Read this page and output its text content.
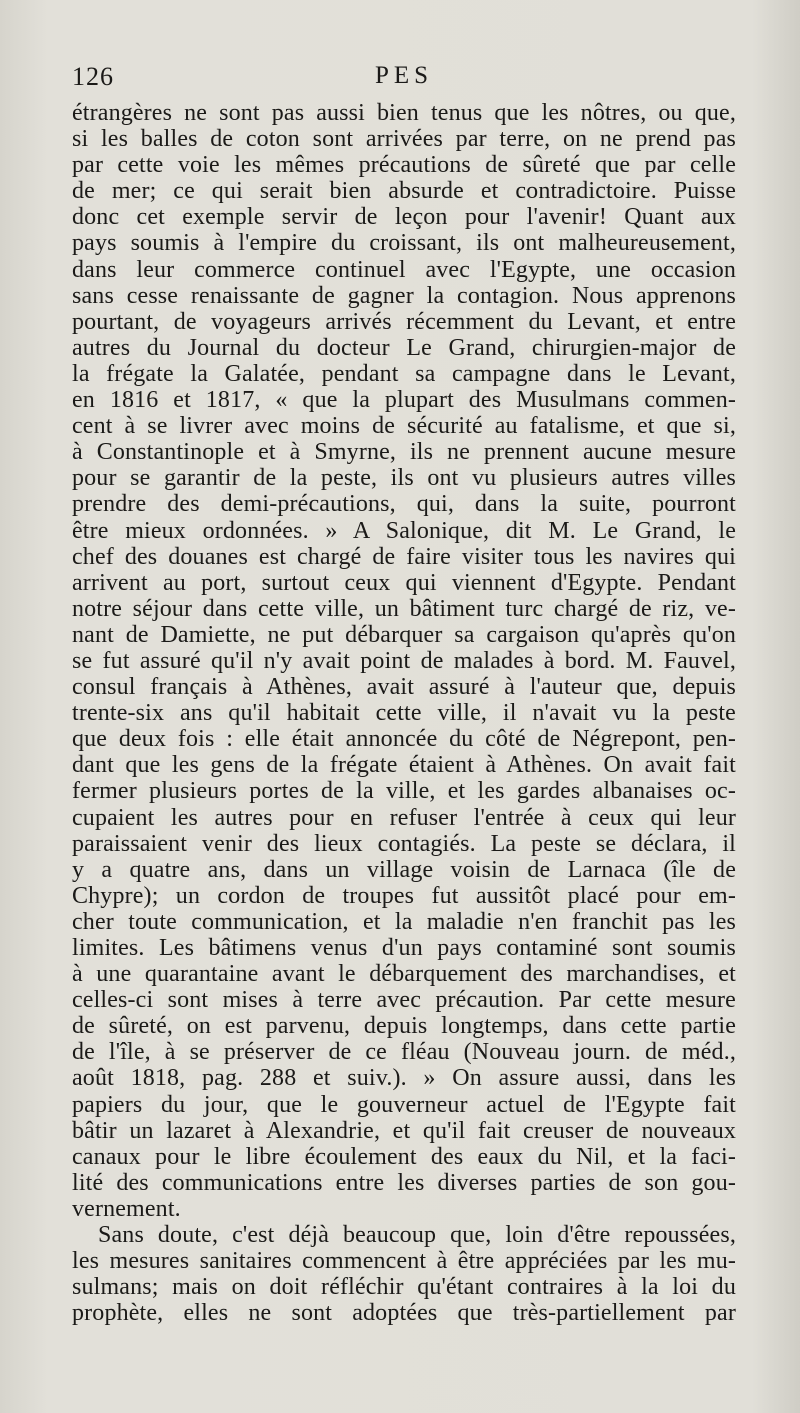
126	PES
étrangères ne sont pas aussi bien tenus que les nôtres, ou que,
si les balles de coton sont arrivées par terre, on ne prend pas
par cette voie les mêmes précautions de sûreté que par celle
de mer; ce qui serait bien absurde et contradictoire. Puisse
donc cet exemple servir de leçon pour l'avenir! Quant aux
pays soumis à l'empire du croissant, ils ont malheureusement,
dans leur commerce continuel avec l'Egypte, une occasion
sans cesse renaissante de gagner la contagion. Nous apprenons
pourtant, de voyageurs arrivés récemment du Levant, et entre
autres du Journal du docteur Le Grand, chirurgien-major de
la frégate la Galatée, pendant sa campagne dans le Levant,
en 1816 et 1817, « que la plupart des Musulmans commen-
cent à se livrer avec moins de sécurité au fatalisme, et que si,
à Constantinople et à Smyrne, ils ne prennent aucune mesure
pour se garantir de la peste, ils ont vu plusieurs autres villes
prendre des demi-précautions, qui, dans la suite, pourront
être mieux ordonnées. » A Salonique, dit M. Le Grand, le
chef des douanes est chargé de faire visiter tous les navires qui
arrivent au port, surtout ceux qui viennent d'Egypte. Pendant
notre séjour dans cette ville, un bâtiment turc chargé de riz, ve-
nant de Damiette, ne put débarquer sa cargaison qu'après qu'on
se fut assuré qu'il n'y avait point de malades à bord. M. Fauvel,
consul français à Athènes, avait assuré à l'auteur que, depuis
trente-six ans qu'il habitait cette ville, il n'avait vu la peste
que deux fois : elle était annoncée du côté de Négrepont, pen-
dant que les gens de la frégate étaient à Athènes. On avait fait
fermer plusieurs portes de la ville, et les gardes albanaises oc-
cupaient les autres pour en refuser l'entrée à ceux qui leur
paraissaient venir des lieux contagiés. La peste se déclara, il
y a quatre ans, dans un village voisin de Larnaca (île de
Chypre); un cordon de troupes fut aussitôt placé pour em-
cher toute communication, et la maladie n'en franchit pas les
limites. Les bâtimens venus d'un pays contaminé sont soumis
à une quarantaine avant le débarquement des marchandises, et
celles-ci sont mises à terre avec précaution. Par cette mesure
de sûreté, on est parvenu, depuis longtemps, dans cette partie
de l'île, à se préserver de ce fléau (Nouveau journ. de méd.,
août 1818, pag. 288 et suiv.). » On assure aussi, dans les
papiers du jour, que le gouverneur actuel de l'Egypte fait
bâtir un lazaret à Alexandrie, et qu'il fait creuser de nouveaux
canaux pour le libre écoulement des eaux du Nil, et la faci-
lité des communications entre les diverses parties de son gou-
vernement.
Sans doute, c'est déjà beaucoup que, loin d'être repoussées,
les mesures sanitaires commencent à être appréciées par les mu-
sulmans; mais on doit réfléchir qu'étant contraires à la loi du
prophète, elles ne sont adoptées que très-partiellement par
